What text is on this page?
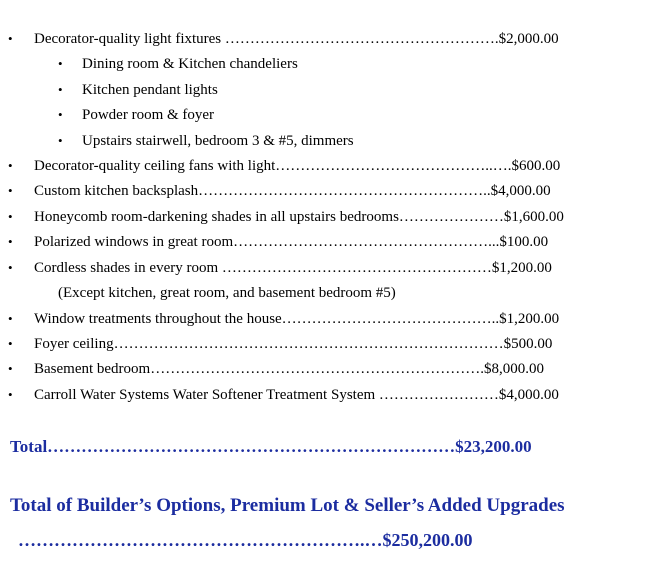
• Decorator-quality light fixtures ……………………………………………….$2,000.00
• Dining room & Kitchen chandeliers
• Kitchen pendant lights
• Powder room & foyer
• Upstairs stairwell, bedroom 3 & #5, dimmers
• Decorator-quality ceiling fans with light……………………………………..….$600.00
• Custom kitchen backsplash…………………………………………………..$4,000.00
• Honeycomb room-darkening shades in all upstairs bedrooms…………………$1,600.00
• Polarized windows in great room……………………………………………...$100.00
• Cordless shades in every room ………………………………………………$1,200.00
(Except kitchen, great room, and basement bedroom #5)
• Window treatments throughout the house……………………………………..$1,200.00
• Foyer ceiling……………………………………………………………………$500.00
• Basement bedroom………………………………………………………….$8,000.00
• Carroll Water Systems Water Softener Treatment System ……………………$4,000.00
Total………………………………………………………………$23,200.00
Total of Builder’s Options, Premium Lot & Seller’s Added Upgrades
………………………………………………….…$250,200.00
